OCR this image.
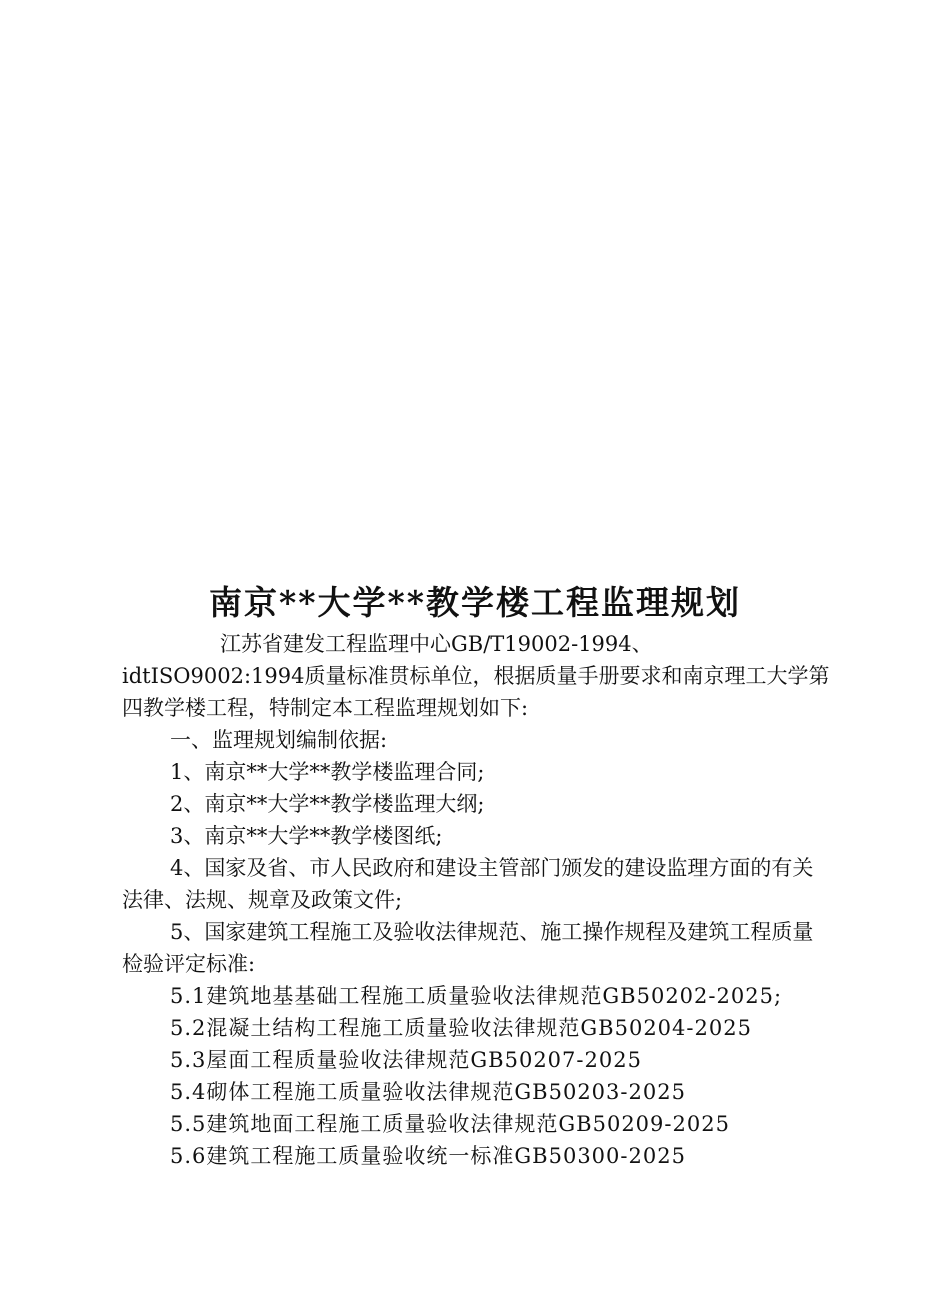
南京**大学**教学楼工程监理规划

江苏省建发工程监理中心GB/T19002-1994、idtISO9002:1994质量标准贯标单位，根据质量手册要求和南京理工大学第四教学楼工程，特制定本工程监理规划如下:

一、监理规划编制依据:

1、南京**大学**教学楼监理合同;

2、南京**大学**教学楼监理大纲;

3、南京**大学**教学楼图纸;

4、国家及省、市人民政府和建设主管部门颁发的建设监理方面的有关法律、法规、规章及政策文件;

5、国家建筑工程施工及验收法律规范、施工操作规程及建筑工程质量检验评定标准:

5.1建筑地基基础工程施工质量验收法律规范GB50202-2025;

5.2混凝土结构工程施工质量验收法律规范GB50204-2025

5.3屋面工程质量验收法律规范GB50207-2025

5.4砌体工程施工质量验收法律规范GB50203-2025

5.5建筑地面工程施工质量验收法律规范GB50209-2025

5.6建筑工程施工质量验收统一标准GB50300-2025
